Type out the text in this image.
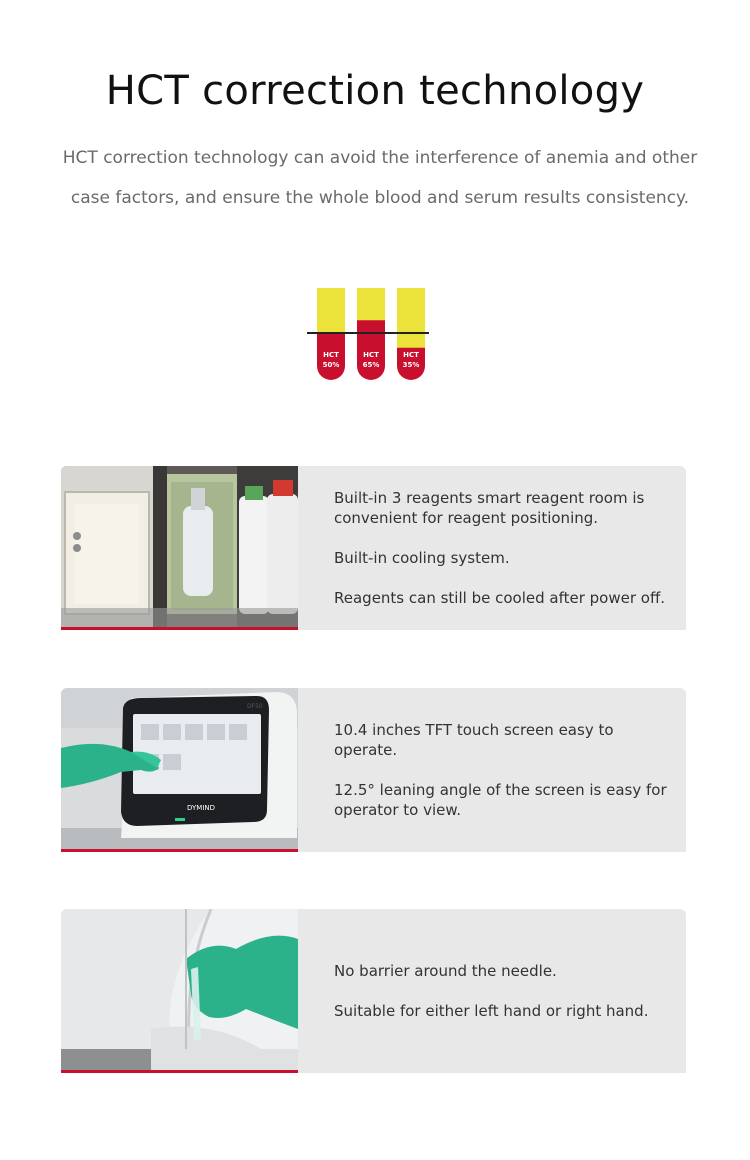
HCT correction technology
HCT correction technology can avoid the interference of anemia and other case factors, and ensure the whole blood and serum results consistency.
HCT
50%
HCT
65%
HCT
35%

Built-in 3 reagents smart reagent room is convenient for reagent positioning.

Built-in cooling system.

Reagents can still be cooled after power off.

DYMIND
DF50

10.4 inches TFT touch screen easy to operate.

12.5° leaning angle of the screen is easy for operator to view.

No barrier around the needle.

Suitable for either left hand or right hand.
